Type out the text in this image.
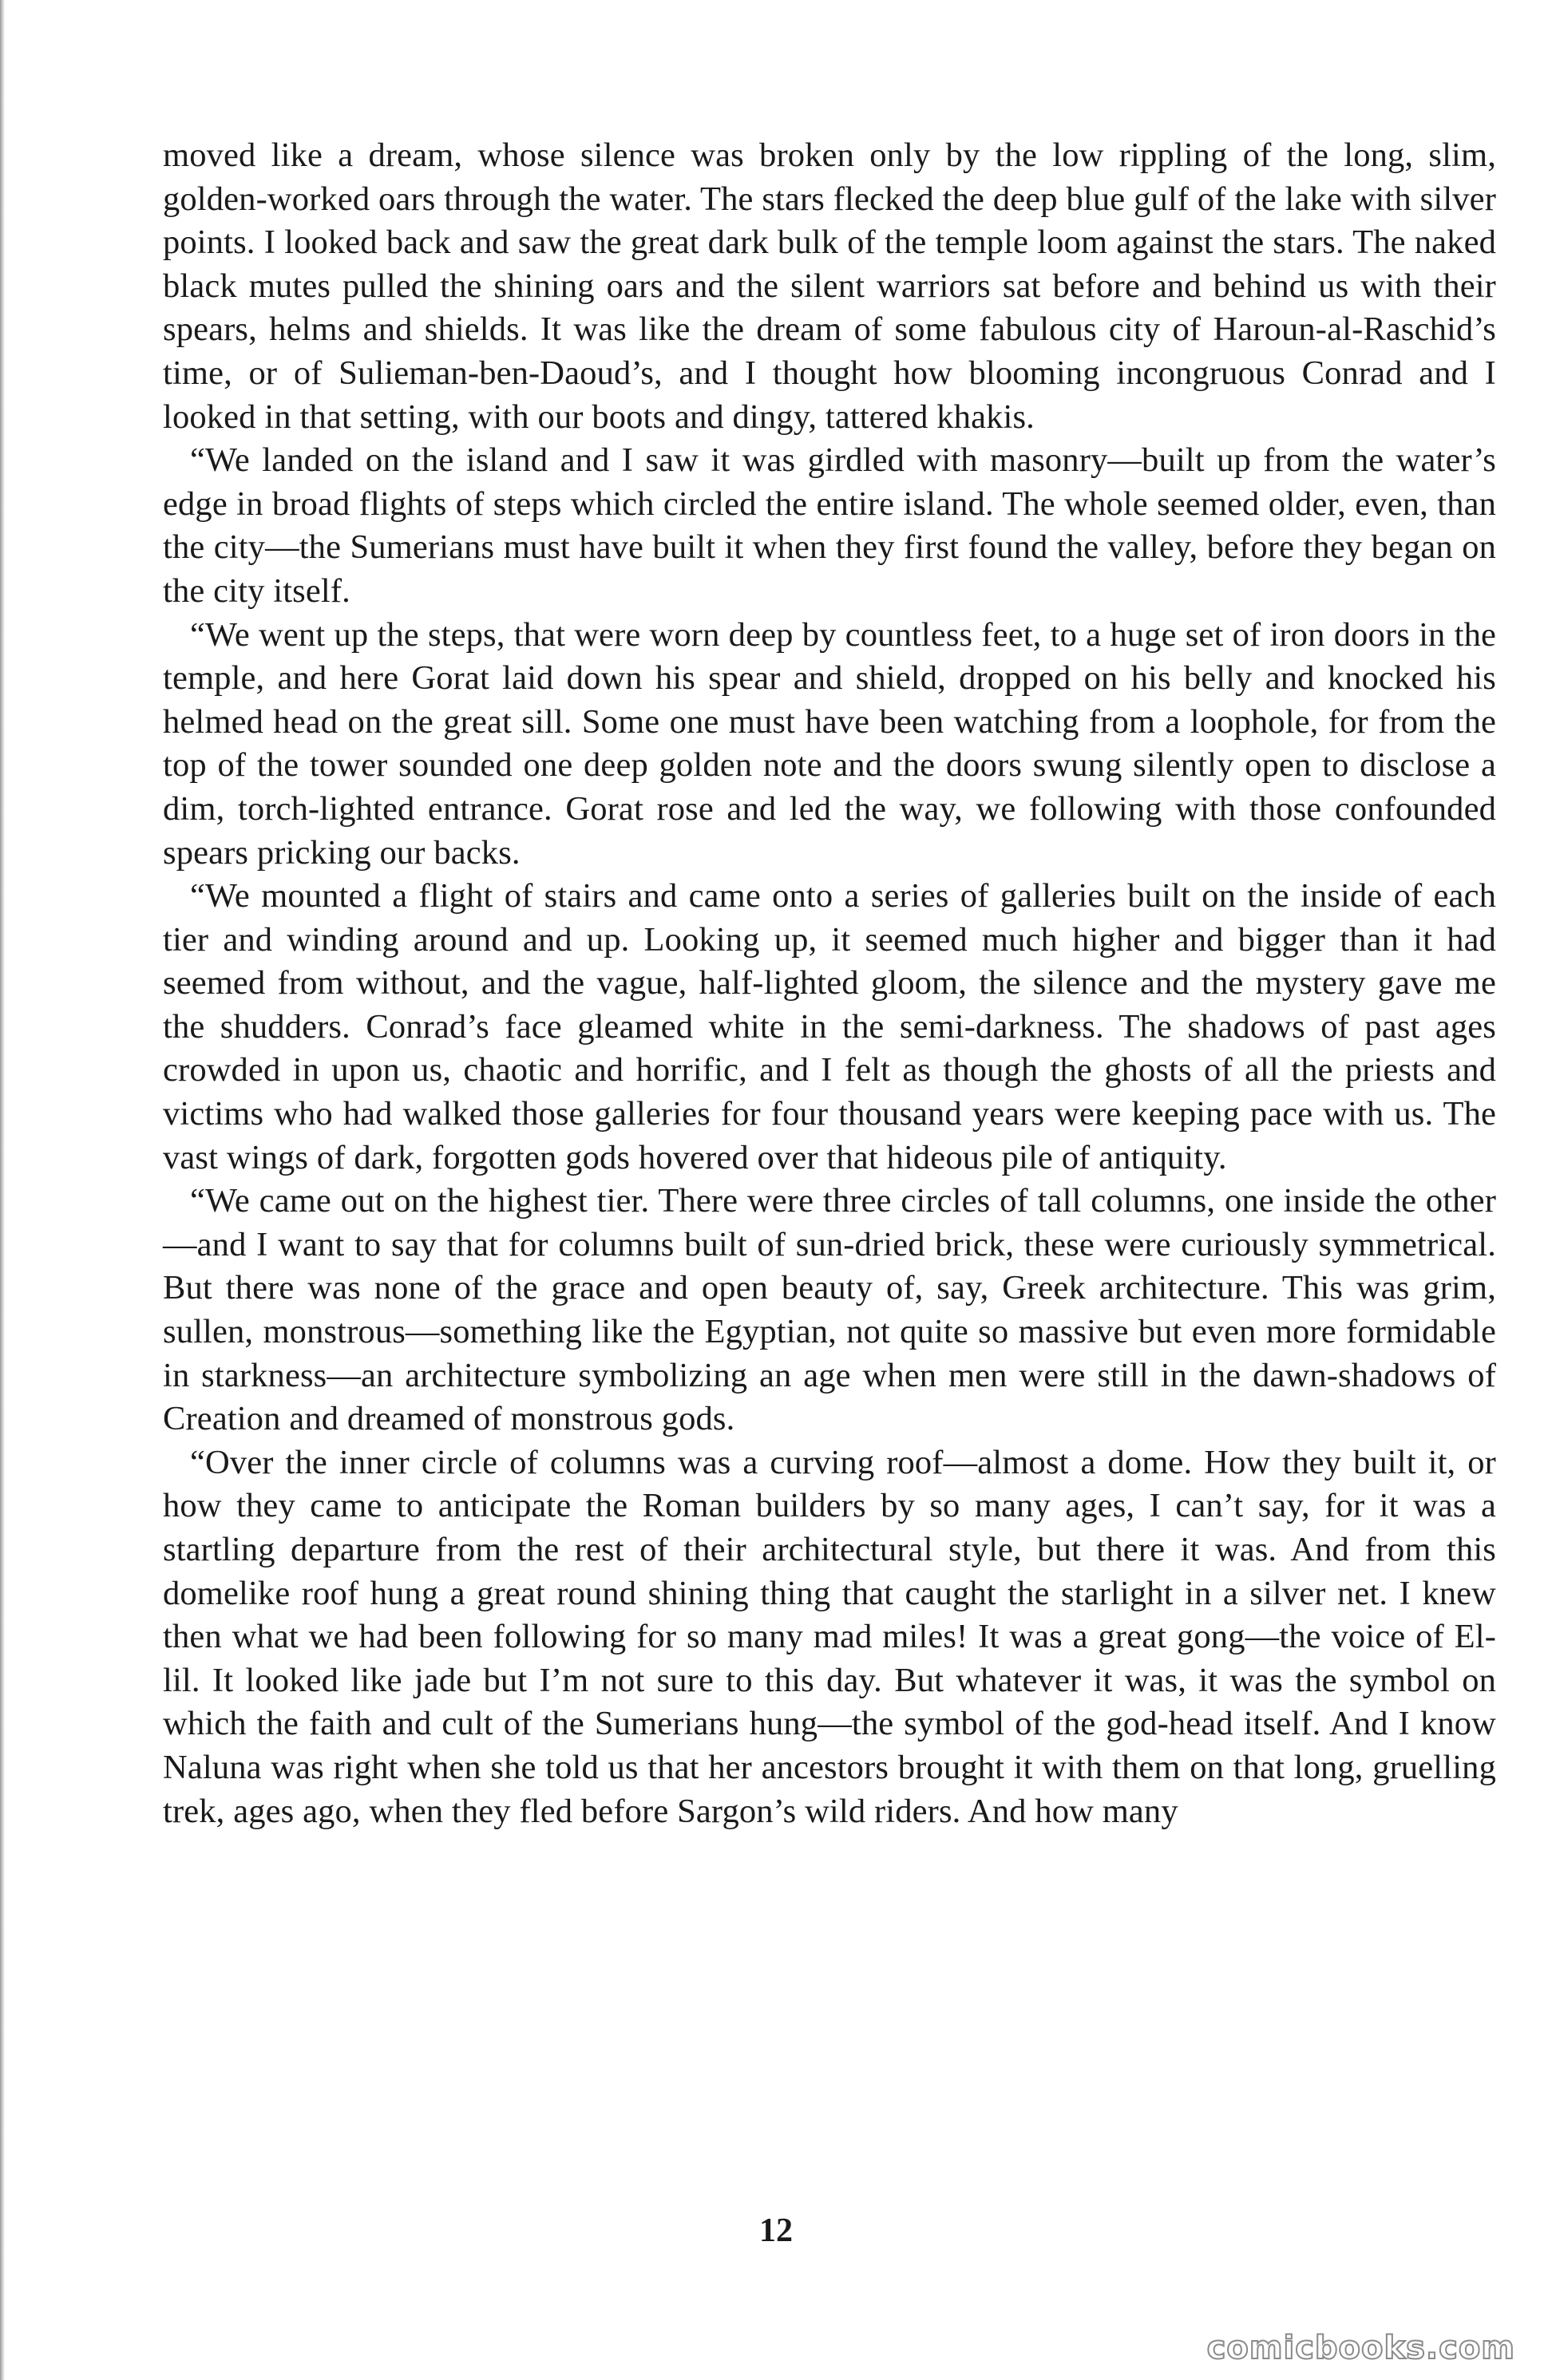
moved like a dream, whose silence was broken only by the low rippling of the long, slim, golden-worked oars through the water. The stars flecked the deep blue gulf of the lake with silver points. I looked back and saw the great dark bulk of the temple loom against the stars. The naked black mutes pulled the shining oars and the silent warriors sat before and behind us with their spears, helms and shields. It was like the dream of some fabulous city of Haroun-al-Raschid’s time, or of Sulieman-ben-Daoud’s, and I thought how blooming incongruous Conrad and I looked in that setting, with our boots and dingy, tattered khakis.

“We landed on the island and I saw it was girdled with masonry—built up from the water’s edge in broad flights of steps which circled the entire island. The whole seemed older, even, than the city—the Sumerians must have built it when they first found the valley, before they began on the city itself.

“We went up the steps, that were worn deep by countless feet, to a huge set of iron doors in the temple, and here Gorat laid down his spear and shield, dropped on his belly and knocked his helmed head on the great sill. Some one must have been watching from a loophole, for from the top of the tower sounded one deep golden note and the doors swung silently open to disclose a dim, torch-lighted entrance. Gorat rose and led the way, we following with those confounded spears pricking our backs.

“We mounted a flight of stairs and came onto a series of galleries built on the inside of each tier and winding around and up. Looking up, it seemed much higher and bigger than it had seemed from without, and the vague, half-lighted gloom, the silence and the mystery gave me the shudders. Conrad’s face gleamed white in the semi-darkness. The shadows of past ages crowded in upon us, chaotic and horrific, and I felt as though the ghosts of all the priests and victims who had walked those galleries for four thousand years were keeping pace with us. The vast wings of dark, forgotten gods hovered over that hideous pile of antiquity.

“We came out on the highest tier. There were three circles of tall columns, one inside the other—and I want to say that for columns built of sun-dried brick, these were curiously symmetrical. But there was none of the grace and open beauty of, say, Greek architecture. This was grim, sullen, monstrous—something like the Egyptian, not quite so massive but even more formidable in starkness—an architecture symbolizing an age when men were still in the dawn-shadows of Creation and dreamed of monstrous gods.

“Over the inner circle of columns was a curving roof—almost a dome. How they built it, or how they came to anticipate the Roman builders by so many ages, I can’t say, for it was a startling departure from the rest of their architectural style, but there it was. And from this domelike roof hung a great round shining thing that caught the starlight in a silver net. I knew then what we had been following for so many mad miles! It was a great gong—the voice of El-lil. It looked like jade but I’m not sure to this day. But whatever it was, it was the symbol on which the faith and cult of the Sumerians hung—the symbol of the god-head itself. And I know Naluna was right when she told us that her ancestors brought it with them on that long, gruelling trek, ages ago, when they fled before Sargon’s wild riders. And how many

12
comicbooks.com
